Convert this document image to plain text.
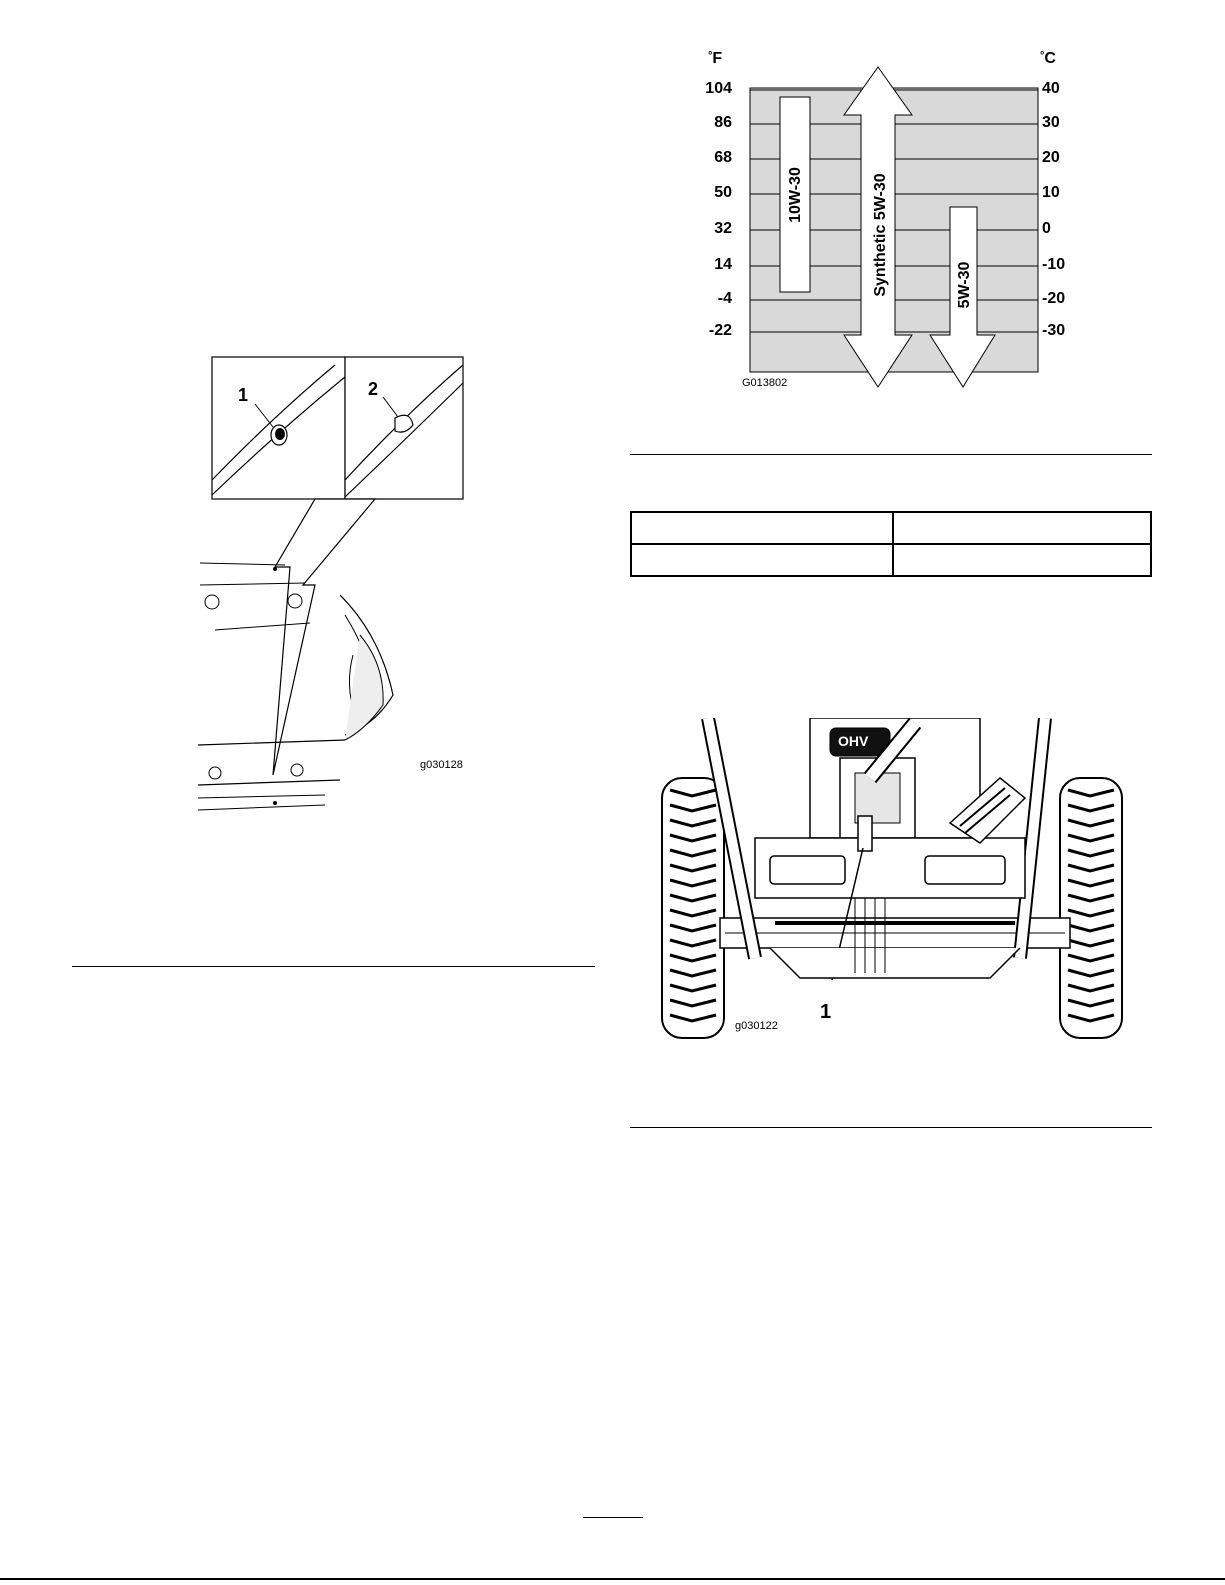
1	2
g030128
10W-30	Synthetic 5W-30	5W-30
°F	°C
104	40
86	30
68	20
50	10
32	0
14	-10
-4	-20
-22	-30
G013802

1
g030122
OHV
